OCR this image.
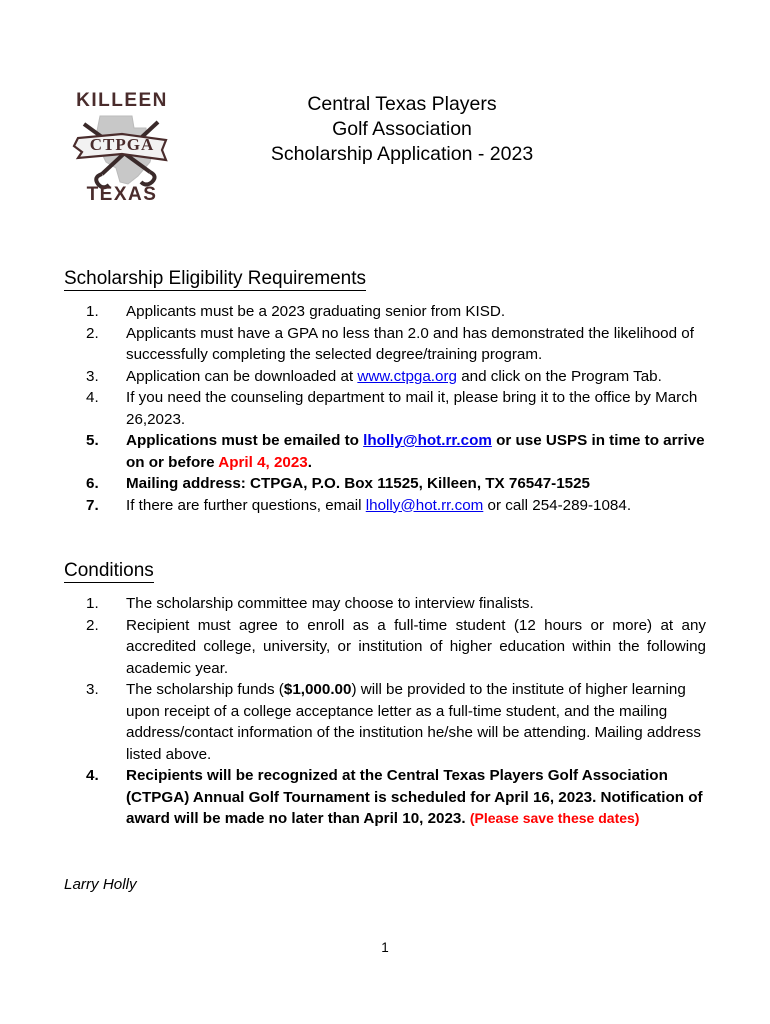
CTPGA
KILLEEN
TEXAS
Central Texas Players
Golf Association
Scholarship Application - 2023
Scholarship Eligibility Requirements
1.	Applicants must be a 2023 graduating senior from KISD.
2.	Applicants must have a GPA no less than 2.0 and has demonstrated the likelihood of successfully completing the selected degree/training program.
3.	Application can be downloaded at www.ctpga.org and click on the Program Tab.
4.	If you need the counseling department to mail it, please bring it to the office by March 26,2023.
5.	Applications must be emailed to lholly@hot.rr.com or use USPS in time to arrive on or before April 4, 2023.
6.	Mailing address: CTPGA, P.O. Box 11525, Killeen, TX 76547-1525
7.	If there are further questions, email lholly@hot.rr.com or call 254-289-1084.
Conditions
1.	The scholarship committee may choose to interview finalists.
2.	Recipient must agree to enroll as a full-time student (12 hours or more) at any accredited college, university, or institution of higher education within the following academic year.
3.	The scholarship funds ($1,000.00) will be provided to the institute of higher learning upon receipt of a college acceptance letter as a full-time student, and the mailing address/contact information of the institution he/she will be attending. Mailing address listed above.
4.	Recipients will be recognized at the Central Texas Players Golf Association (CTPGA) Annual Golf Tournament is scheduled for April 16, 2023. Notification of award will be made no later than April 10, 2023. (Please save these dates)
Larry Holly
1
